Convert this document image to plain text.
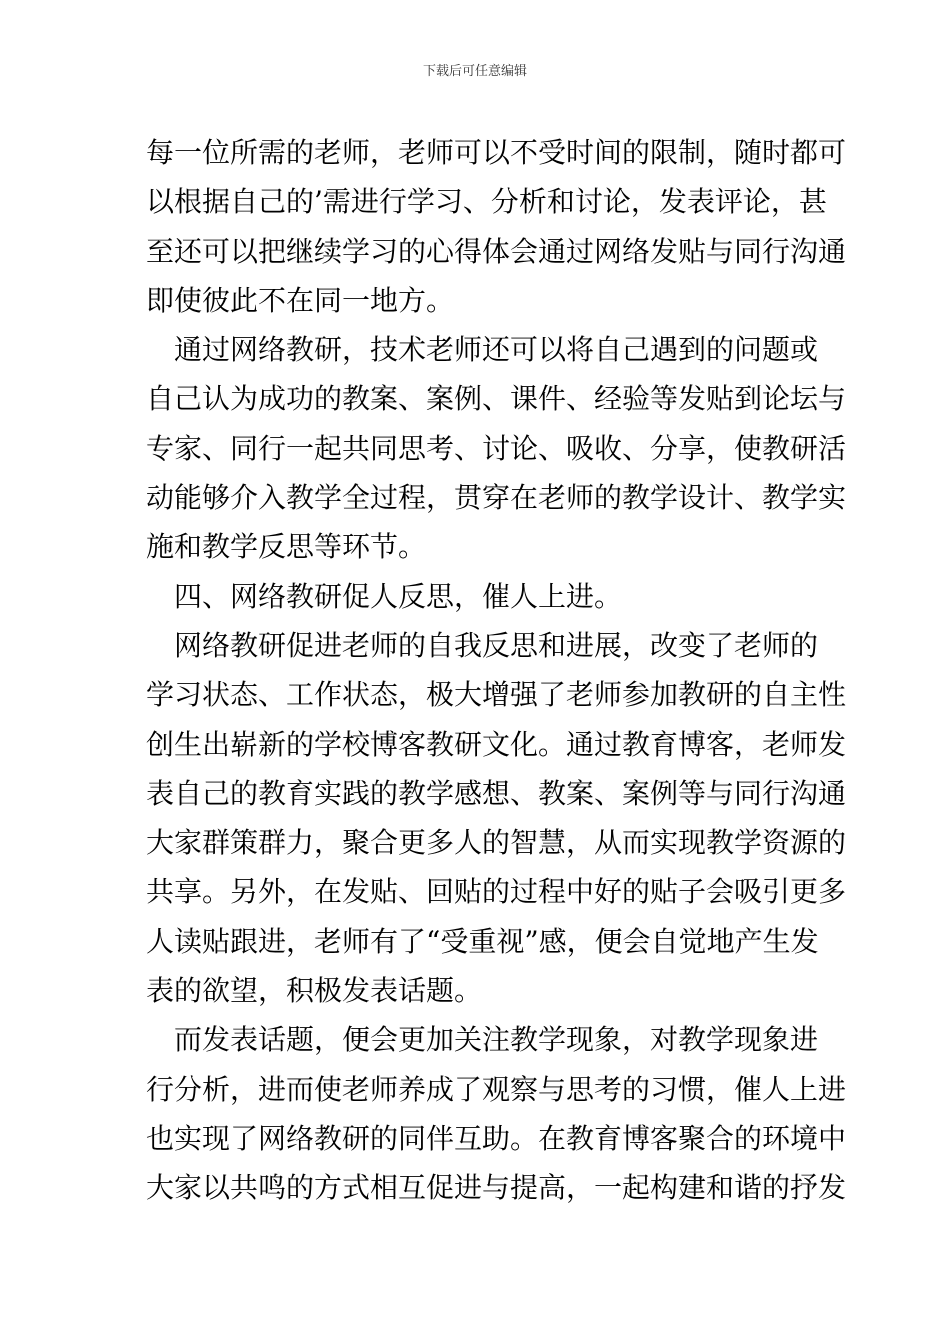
下载后可任意编辑
每一位所需的老师，老师可以不受时间的限制，随时都可
以根据自己的’需进行学习、分析和讨论，发表评论，甚
至还可以把继续学习的心得体会通过网络发贴与同行沟通
即使彼此不在同一地方。
　通过网络教研，技术老师还可以将自己遇到的问题或
自己认为成功的教案、案例、课件、经验等发贴到论坛与
专家、同行一起共同思考、讨论、吸收、分享，使教研活
动能够介入教学全过程，贯穿在老师的教学设计、教学实
施和教学反思等环节。
　四、网络教研促人反思，催人上进。
　网络教研促进老师的自我反思和进展，改变了老师的
学习状态、工作状态，极大增强了老师参加教研的自主性
创生出崭新的学校博客教研文化。通过教育博客，老师发
表自己的教育实践的教学感想、教案、案例等与同行沟通
大家群策群力，聚合更多人的智慧，从而实现教学资源的
共享。另外，在发贴、回贴的过程中好的贴子会吸引更多
人读贴跟进，老师有了“受重视”感，便会自觉地产生发
表的欲望，积极发表话题。
　而发表话题，便会更加关注教学现象，对教学现象进
行分析，进而使老师养成了观察与思考的习惯，催人上进
也实现了网络教研的同伴互助。在教育博客聚合的环境中
大家以共鸣的方式相互促进与提高，一起构建和谐的抒发
